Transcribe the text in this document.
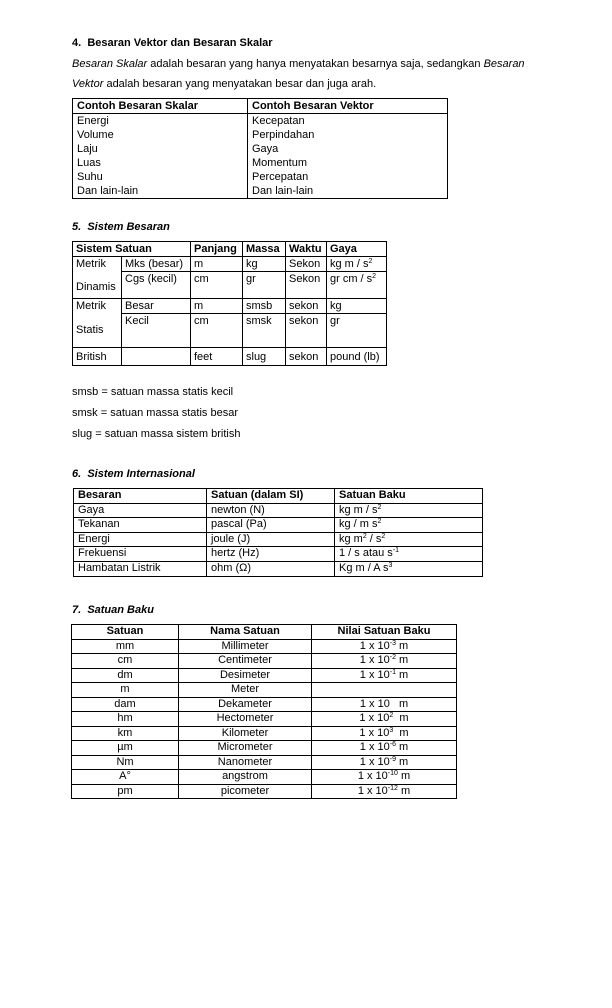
4. Besaran Vektor dan Besaran Skalar

Besaran Skalar adalah besaran yang hanya menyatakan besarnya saja, sedangkan Besaran

Vektor adalah besaran yang menyatakan besar dan juga arah.

Contoh Besaran Skalar	Contoh Besaran Vektor
Energi	Kecepatan
Volume	Perpindahan
Laju	Gaya
Luas	Momentum
Suhu	Percepatan
Dan lain-lain	Dan lain-lain
5. Sistem Besaran
Sistem Satuan		Panjang	Massa	Waktu	Gaya
Metrik	Mks (besar)	m	kg	Sekon	kg m / $s^2$
Dinamis	Cgs (kecil)	cm	gr	Sekon	gr cm / $s^2$
Metrik	Besar	m	smsb	sekon	kg
Statis	Kecil	cm	smsk	sekon	gr
British		feet	slug	sekon	pound (lb)

smsb = satuan massa statis kecil

smsk = satuan massa statis besar

slug = satuan massa sistem british

6. Sistem Internasional
Besaran	Satuan (dalam SI)	Satuan Baku
Gaya	newton (N)	kg m / $s^2$
Tekanan	pascal (Pa)	kg / m $s^2$
Energi	joule (J)	kg $m^2 / s^2$
Frekuensi	hertz (Hz)	1 / s atau $s^{-1}$
Hambatan Listrik	ohm (Ω)	Kg m / A $s^3$
7. Satuan Baku
Satuan	Nama Satuan	Nilai Satuan Baku
mm	Millimeter	1 x $10^{-3}$ m
cm	Centimeter	1 x $10^{-2}$ m
dm	Desimeter	1 x $10^{-1}$ m
m	Meter	
dam	Dekameter	1 x 10   m
hm	Hectometer	1 x $10^2$  m
km	Kilometer	1 x $10^3$  m
µm	Micrometer	1 x $10^{-6}$ m
Nm	Nanometer	1 x $10^{-9}$ m
A°	angstrom	1 x $10^{-10}$ m
pm	picometer	1 x $10^{-12}$ m
